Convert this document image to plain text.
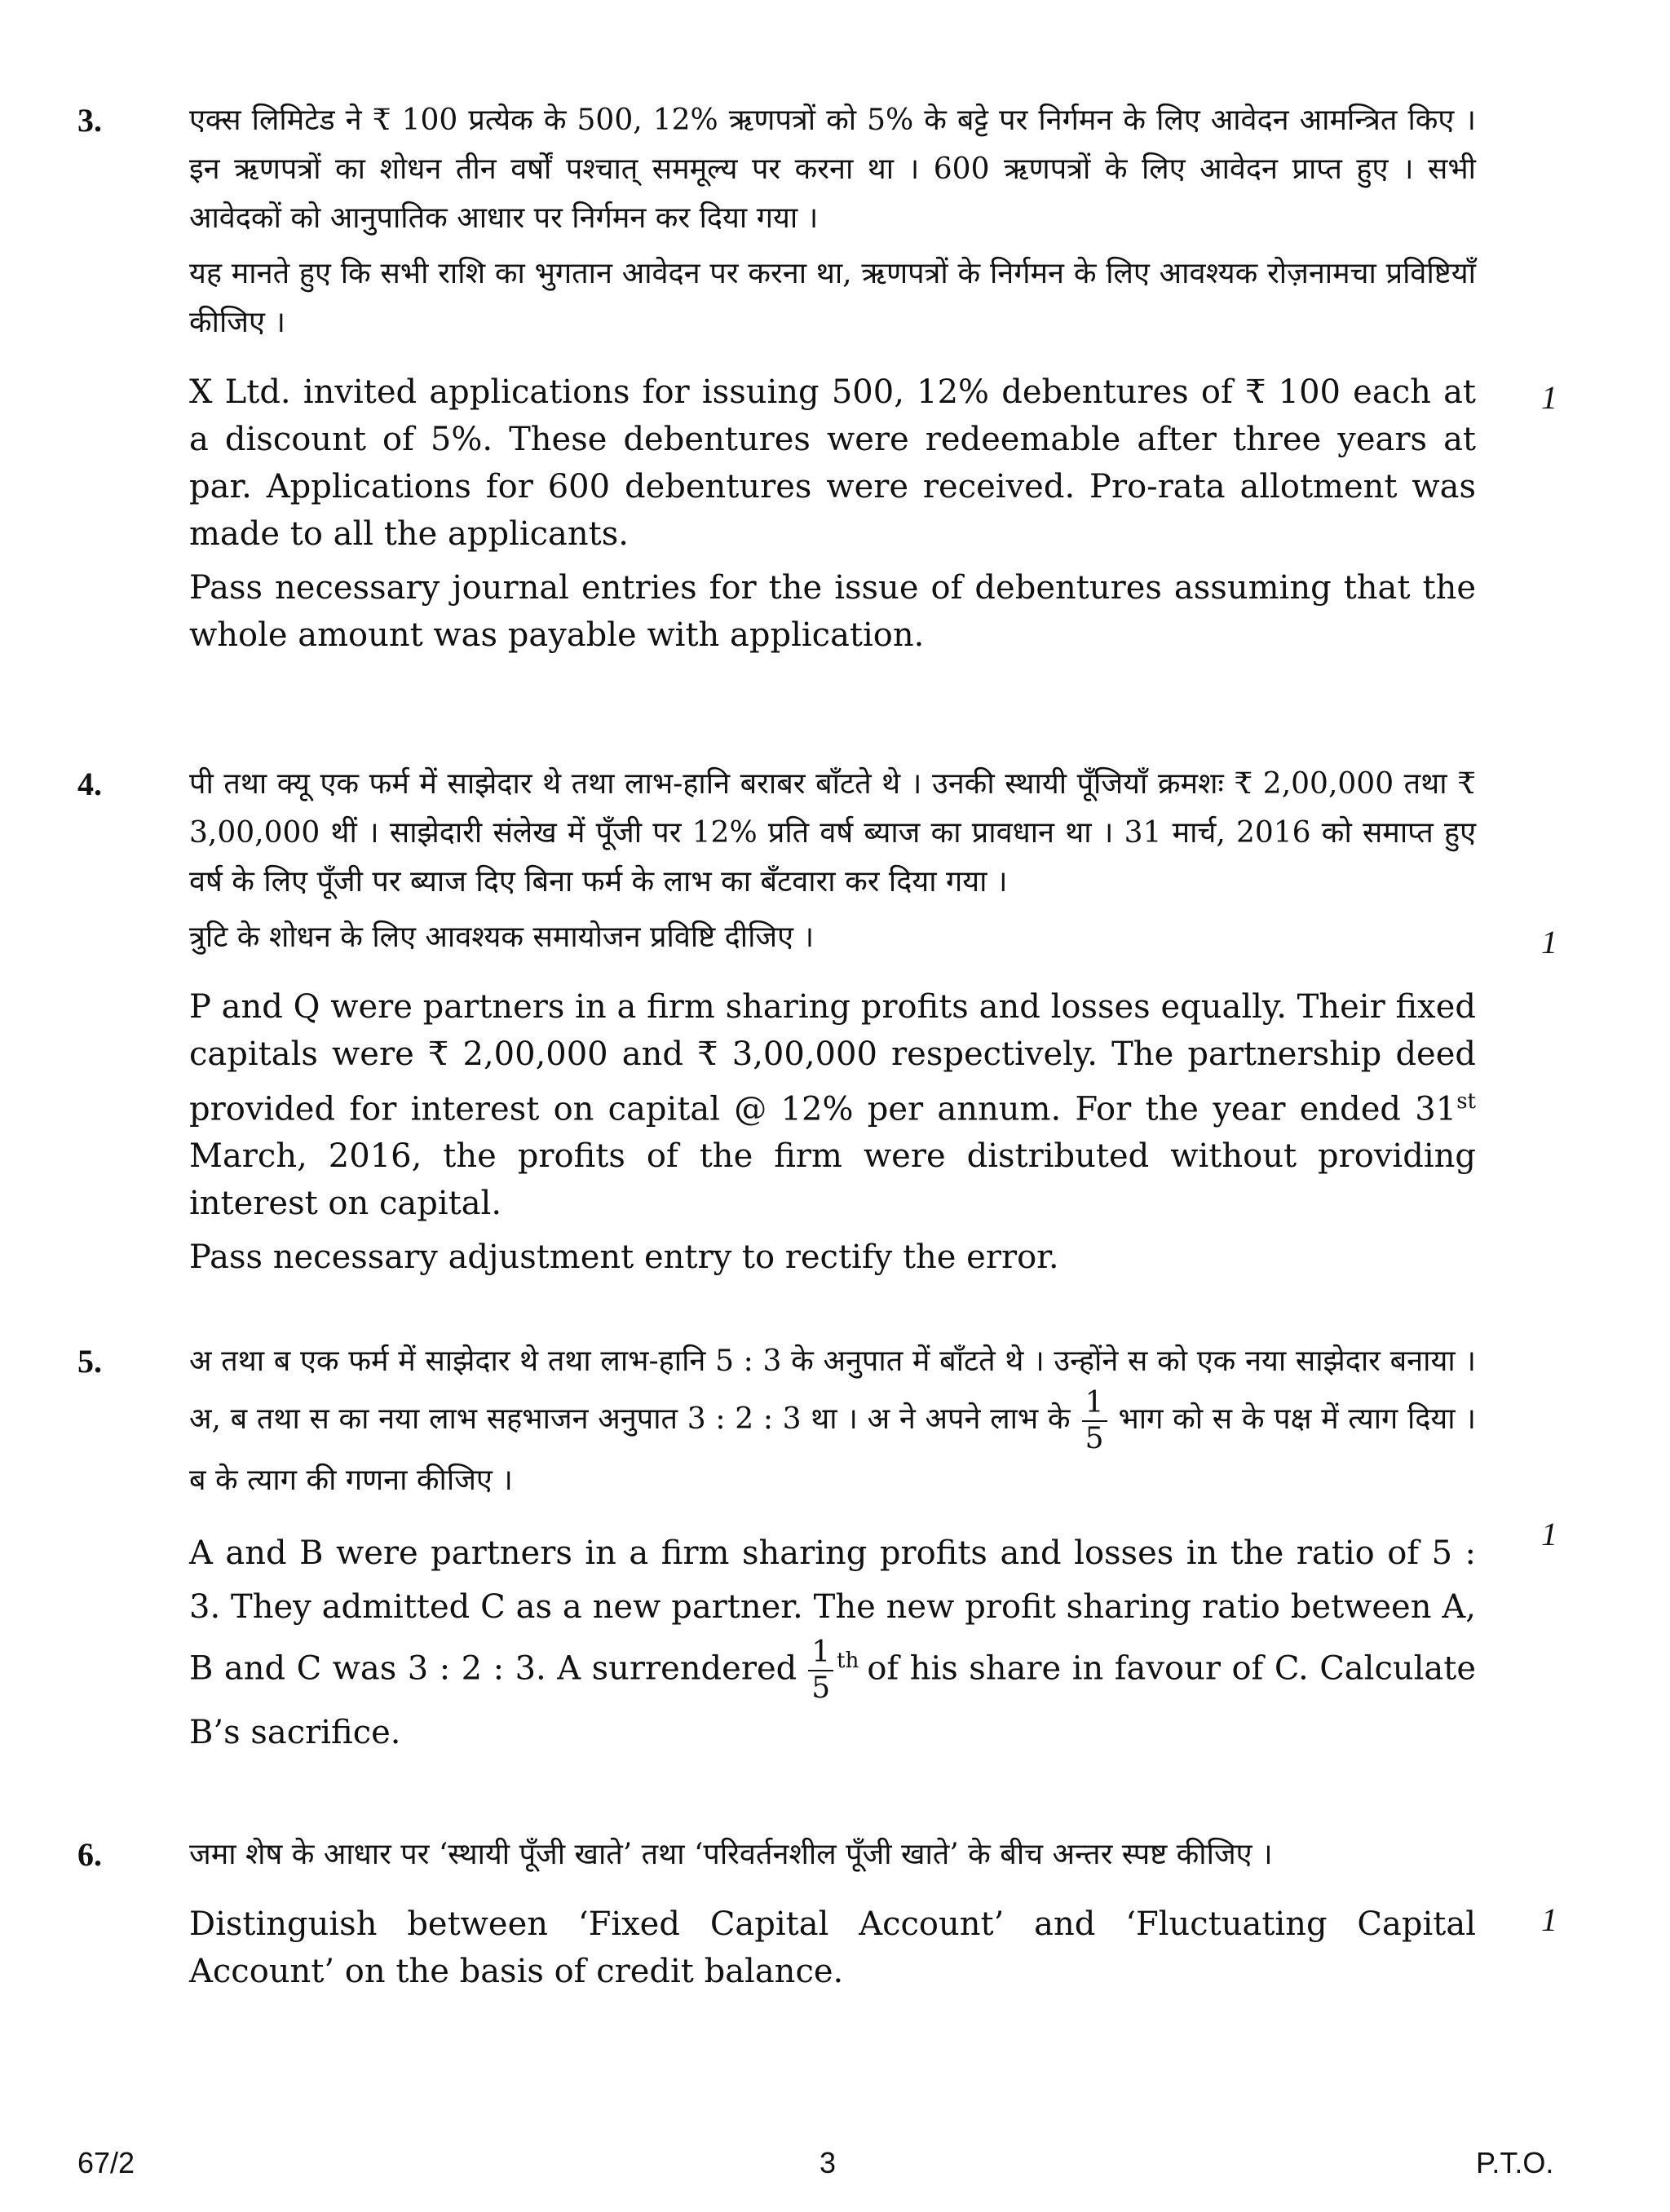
3.	एक्स लिमिटेड ने ₹ 100 प्रत्येक के 500, 12% ऋणपत्रों को 5% के बट्टे पर निर्गमन के लिए आवेदन आमन्त्रित किए । इन ऋणपत्रों का शोधन तीन वर्षों पश्चात् सममूल्य पर करना था । 600 ऋणपत्रों के लिए आवेदन प्राप्त हुए । सभी आवेदकों को आनुपातिक आधार पर निर्गमन कर दिया गया ।

यह मानते हुए कि सभी राशि का भुगतान आवेदन पर करना था, ऋणपत्रों के निर्गमन के लिए आवश्यक रोज़नामचा प्रविष्टियाँ कीजिए ।

X Ltd. invited applications for issuing 500, 12% debentures of ₹ 100 each at a discount of 5%. These debentures were redeemable after three years at par. Applications for 600 debentures were received. Pro-rata allotment was made to all the applicants.

Pass necessary journal entries for the issue of debentures assuming that the whole amount was payable with application.

1
4.	पी तथा क्यू एक फर्म में साझेदार थे तथा लाभ-हानि बराबर बाँटते थे । उनकी स्थायी पूँजियाँ क्रमशः ₹ 2,00,000 तथा ₹ 3,00,000 थीं । साझेदारी संलेख में पूँजी पर 12% प्रति वर्ष ब्याज का प्रावधान था । 31 मार्च, 2016 को समाप्त हुए वर्ष के लिए पूँजी पर ब्याज दिए बिना फर्म के लाभ का बँटवारा कर दिया गया ।

त्रुटि के शोधन के लिए आवश्यक समायोजन प्रविष्टि दीजिए ।

P and Q were partners in a firm sharing profits and losses equally. Their fixed capitals were ₹ 2,00,000 and ₹ 3,00,000 respectively. The partnership deed provided for interest on capital @ 12% per annum. For the year ended 31st March, 2016, the profits of the firm were distributed without providing interest on capital.

Pass necessary adjustment entry to rectify the error.

1
5.	अ तथा ब एक फर्म में साझेदार थे तथा लाभ-हानि 5 : 3 के अनुपात में बाँटते थे । उन्होंने स को एक नया साझेदार बनाया । अ, ब तथा स का नया लाभ सहभाजन अनुपात 3 : 2 : 3 था । अ ने अपने लाभ के $\frac{1}{5}$ भाग को स के पक्ष में त्याग दिया । ब के त्याग की गणना कीजिए ।

A and B were partners in a firm sharing profits and losses in the ratio of 5 : 3. They admitted C as a new partner. The new profit sharing ratio between A, B and C was 3 : 2 : 3. A surrendered $\frac{1}{5} ^{th}$ of his share in favour of C. Calculate B’s sacrifice.

1
6.	जमा शेष के आधार पर ‘स्थायी पूँजी खाते’ तथा ‘परिवर्तनशील पूँजी खाते’ के बीच अन्तर स्पष्ट कीजिए ।

Distinguish between ‘Fixed Capital Account’ and ‘Fluctuating Capital Account’ on the basis of credit balance.

1
67/2	3	P.T.O.
